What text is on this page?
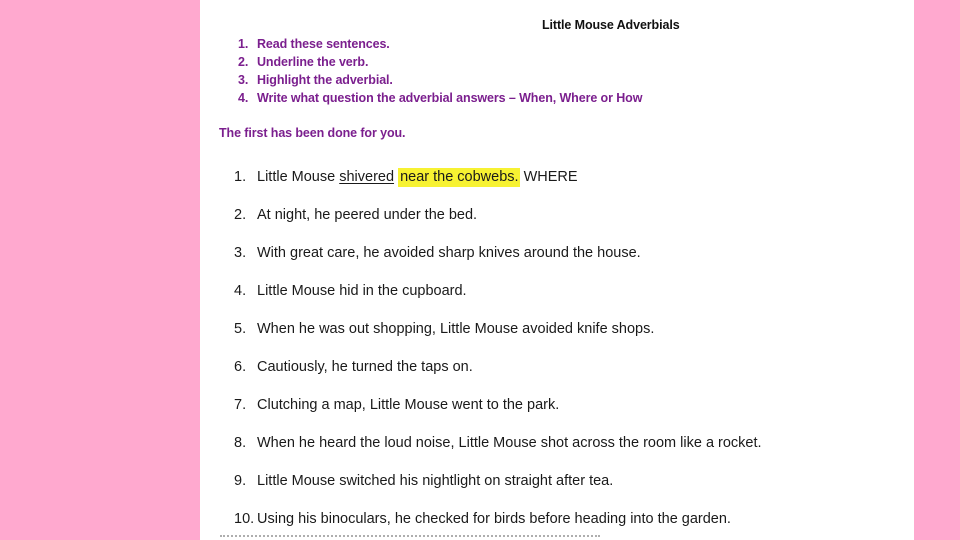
Little Mouse Adverbials
1. Read these sentences.
2. Underline the verb.
3. Highlight the adverbial.
4. Write what question the adverbial answers – When, Where or How
The first has been done for you.
1. Little Mouse shivered near the cobwebs. WHERE
2. At night, he peered under the bed.
3. With great care, he avoided sharp knives around the house.
4. Little Mouse hid in the cupboard.
5. When he was out shopping, Little Mouse avoided knife shops.
6. Cautiously, he turned the taps on.
7. Clutching a map, Little Mouse went to the park.
8. When he heard the loud noise, Little Mouse shot across the room like a rocket.
9. Little Mouse switched his nightlight on straight after tea.
10. Using his binoculars, he checked for birds before heading into the garden.
